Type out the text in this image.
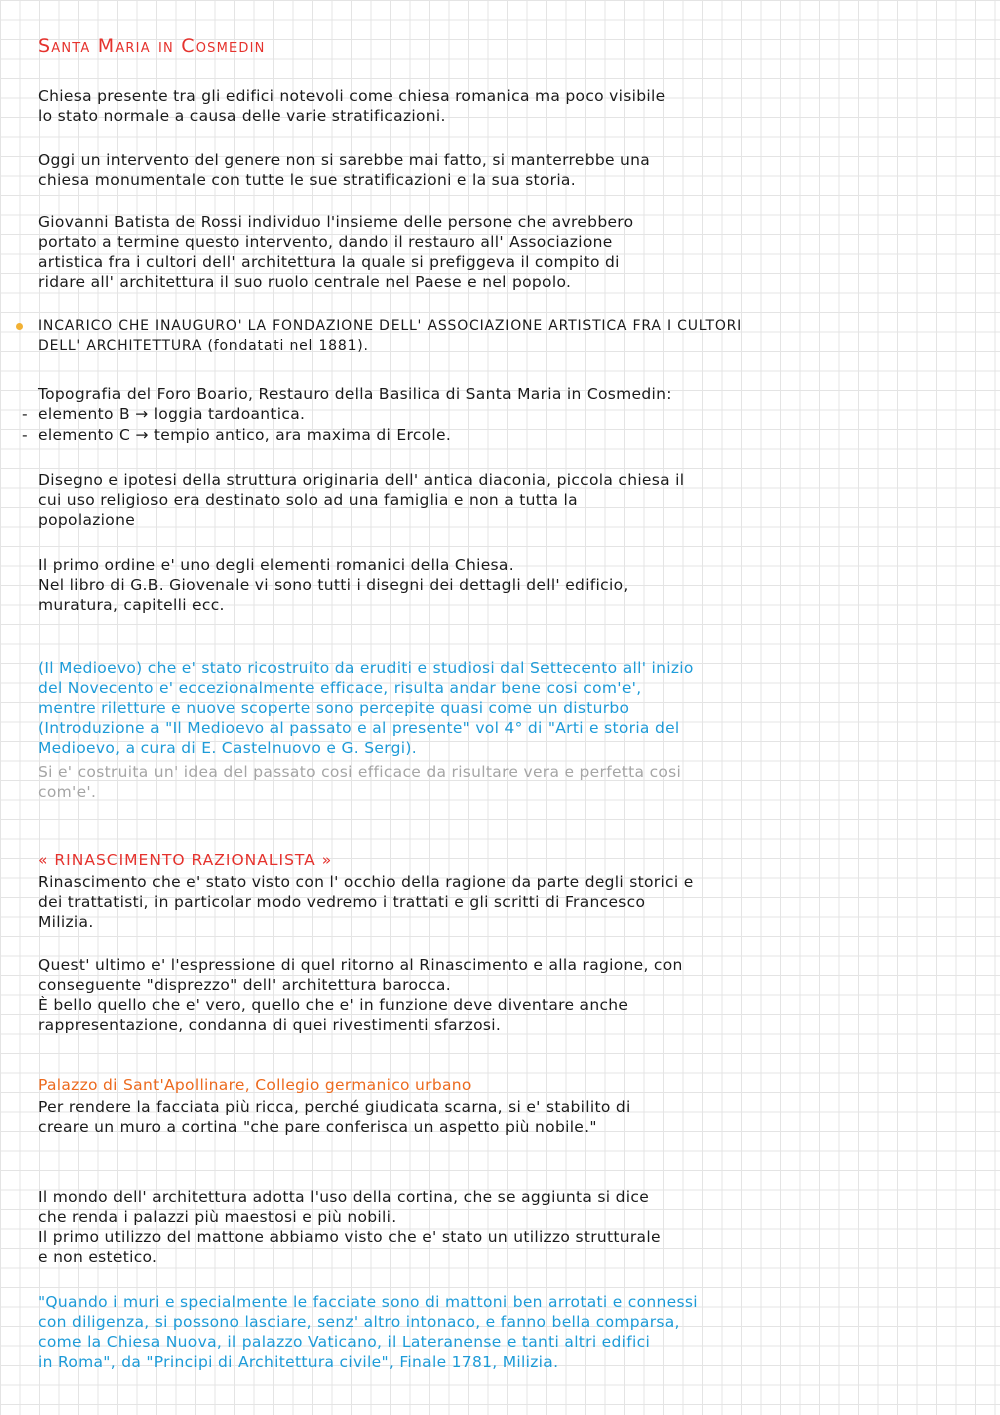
Santa Maria in Cosmedin

Chiesa presente tra gli edifici notevoli come chiesa romanica ma poco visibile

lo stato normale a causa delle varie stratificazioni.

Oggi un intervento del genere non si sarebbe mai fatto, si manterrebbe una

chiesa monumentale con tutte le sue stratificazioni e la sua storia.

Giovanni Batista de Rossi individuo l'insieme delle persone che avrebbero

portato a termine questo intervento, dando il restauro all' Associazione

artistica fra i cultori dell' architettura la quale si prefiggeva il compito di

ridare all' architettura il suo ruolo centrale nel Paese e nel popolo.

INCARICO CHE INAUGURO' LA FONDAZIONE DELL' ASSOCIAZIONE ARTISTICA FRA I CULTORI

DELL' ARCHITETTURA (fondatati nel 1881).

Topografia del Foro Boario, Restauro della Basilica di Santa Maria in Cosmedin:

- elemento B → loggia tardoantica.

- elemento C → tempio antico, ara maxima di Ercole.

Disegno e ipotesi della struttura originaria dell' antica diaconia, piccola chiesa il

cui uso religioso era destinato solo ad una famiglia e non a tutta la

popolazione

Il primo ordine e' uno degli elementi romanici della Chiesa.

Nel libro di G.B. Giovenale vi sono tutti i disegni dei dettagli dell' edificio,

muratura, capitelli ecc.

(Il Medioevo) che e' stato ricostruito da eruditi e studiosi dal Settecento all' inizio

del Novecento e' eccezionalmente efficace, risulta andar bene cosi com'e',

mentre riletture e nuove scoperte sono percepite quasi come un disturbo

(Introduzione a "Il Medioevo al passato e al presente" vol 4° di "Arti e storia del

Medioevo, a cura di E. Castelnuovo e G. Sergi).

Si e' costruita un' idea del passato cosi efficace da risultare vera e perfetta cosi

com'e'.

« RINASCIMENTO RAZIONALISTA »

Rinascimento che e' stato visto con l' occhio della ragione da parte degli storici e

dei trattatisti, in particolar modo vedremo i trattati e gli scritti di Francesco

Milizia.

Quest' ultimo e' l'espressione di quel ritorno al Rinascimento e alla ragione, con

conseguente "disprezzo" dell' architettura barocca.

È bello quello che e' vero, quello che e' in funzione deve diventare anche

rappresentazione, condanna di quei rivestimenti sfarzosi.

Palazzo di Sant'Apollinare, Collegio germanico urbano

Per rendere la facciata più ricca, perché giudicata scarna, si e' stabilito di

creare un muro a cortina "che pare conferisca un aspetto più nobile."

Il mondo dell' architettura adotta l'uso della cortina, che se aggiunta si dice

che renda i palazzi più maestosi e più nobili.

Il primo utilizzo del mattone abbiamo visto che e' stato un utilizzo strutturale

e non estetico.

"Quando i muri e specialmente le facciate sono di mattoni ben arrotati e connessi

con diligenza, si possono lasciare, senz' altro intonaco, e fanno bella comparsa,

come la Chiesa Nuova, il palazzo Vaticano, il Lateranense e tanti altri edifici

in Roma", da "Principi di Architettura civile", Finale 1781, Milizia.
